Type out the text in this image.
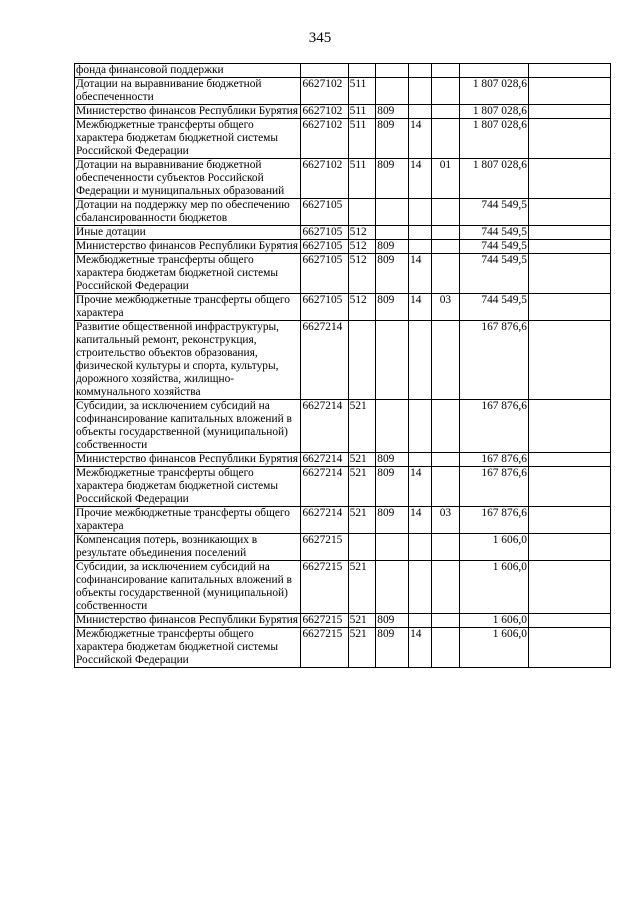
345
фонда финансовой поддержки	

Дотации на выравнивание бюджетной обеспеченности	6627102	511				1 807 028,6	

Министерство финансов Республики Бурятия	6627102	511	809			1 807 028,6	

Межбюджетные трансферты общего характера бюджетам бюджетной системы Российской Федерации	6627102	511	809	14		1 807 028,6	

Дотации на выравнивание бюджетной обеспеченности субъектов Российской Федерации и муниципальных образований	6627102	511	809	14	01	1 807 028,6	

Дотации на поддержку мер по обеспечению сбалансированности бюджетов	6627105					744 549,5	

Иные дотации	6627105	512				744 549,5	

Министерство финансов Республики Бурятия	6627105	512	809			744 549,5	

Межбюджетные трансферты общего характера бюджетам бюджетной системы Российской Федерации	6627105	512	809	14		744 549,5	

Прочие межбюджетные трансферты общего характера	6627105	512	809	14	03	744 549,5	

Развитие общественной инфраструктуры, капитальный ремонт, реконструкция, строительство объектов образования, физической культуры и спорта, культуры, дорожного хозяйства, жилищно-коммунального хозяйства	6627214					167 876,6	

Субсидии, за исключением субсидий на софинансирование капитальных вложений в объекты государственной (муниципальной) собственности	6627214	521				167 876,6	

Министерство финансов Республики Бурятия	6627214	521	809			167 876,6	

Межбюджетные трансферты общего характера бюджетам бюджетной системы Российской Федерации	6627214	521	809	14		167 876,6	

Прочие межбюджетные трансферты общего характера	6627214	521	809	14	03	167 876,6	

Компенсация потерь, возникающих в результате объединения поселений	6627215					1 606,0	

Субсидии, за исключением субсидий на софинансирование капитальных вложений в объекты государственной (муниципальной) собственности	6627215	521				1 606,0	

Министерство финансов Республики Бурятия	6627215	521	809			1 606,0	

Межбюджетные трансферты общего характера бюджетам бюджетной системы Российской Федерации	6627215	521	809	14		1 606,0	
